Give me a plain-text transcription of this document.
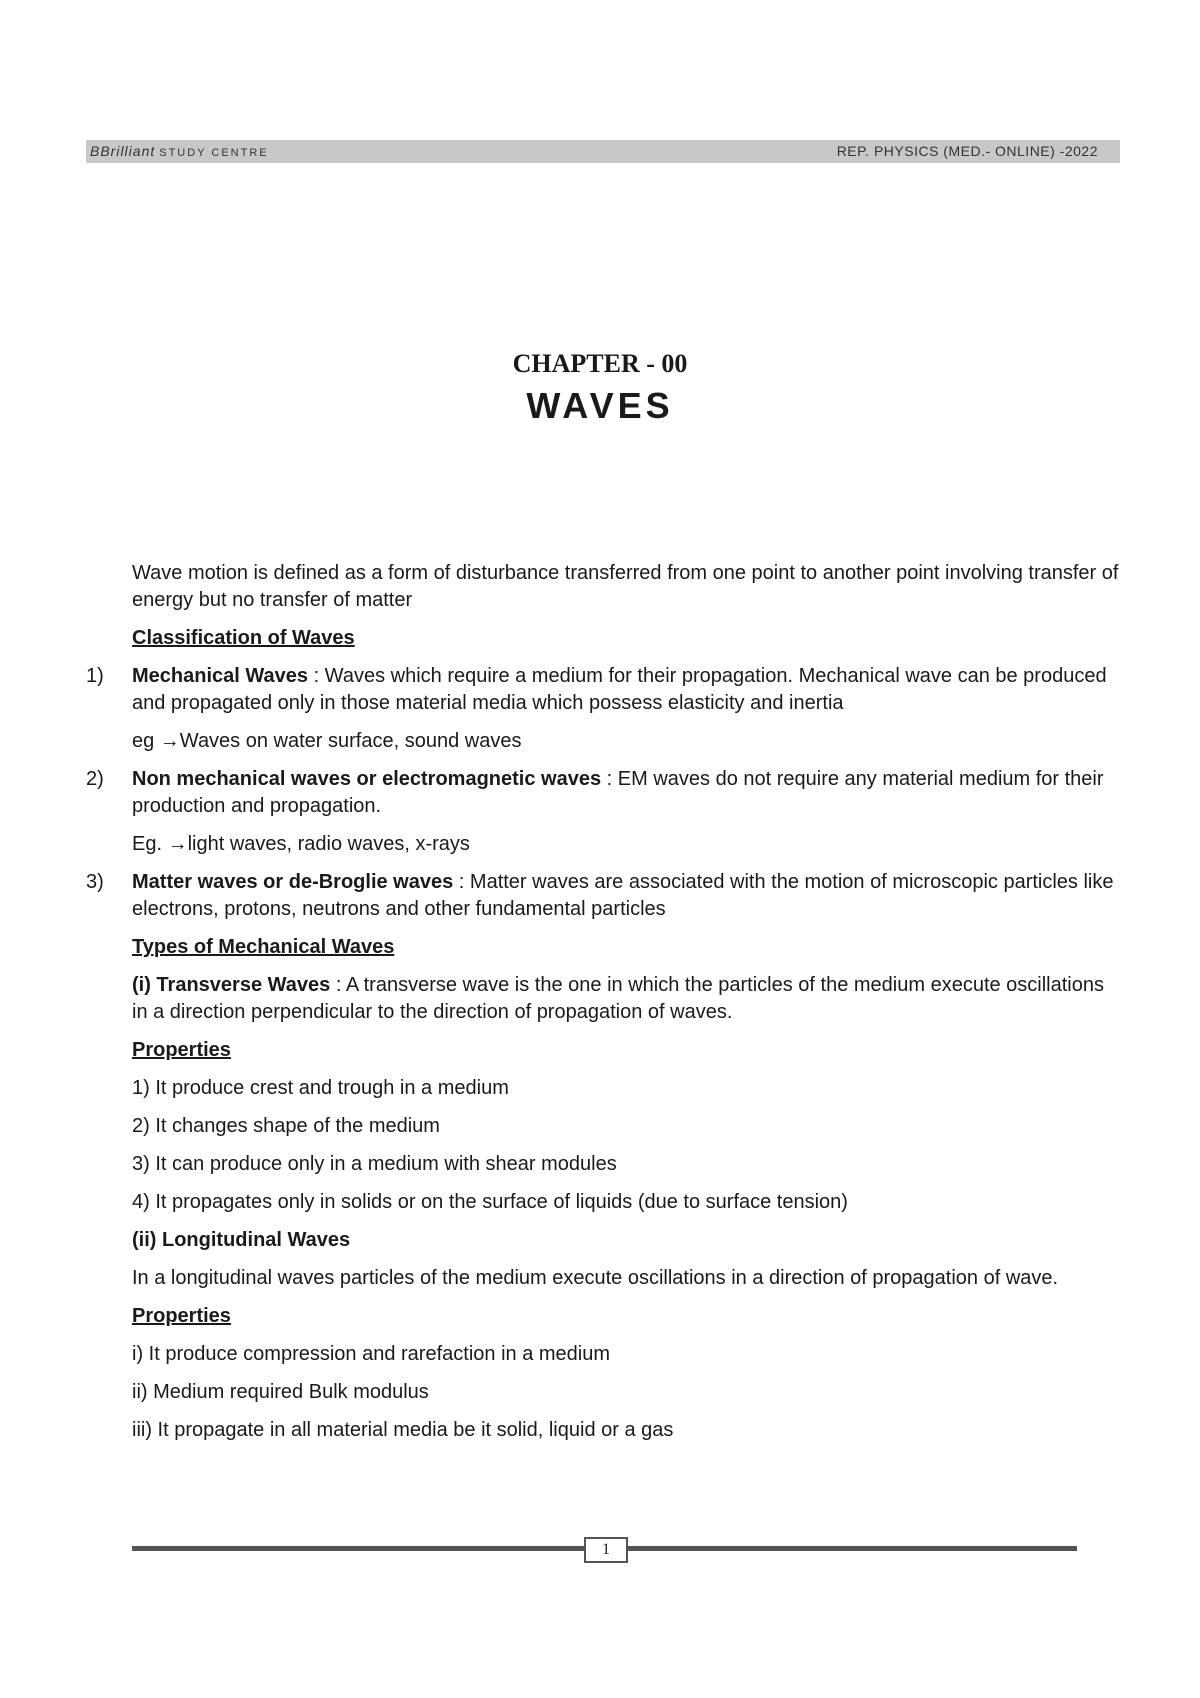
BBrilliant STUDY CENTRE	REP. PHYSICS (MED.- ONLINE) -2022
CHAPTER - 00
WAVES
Wave motion is defined as a form of disturbance transferred from one point to another point involving transfer of energy but no transfer of matter
Classification of Waves
1)	Mechanical Waves : Waves which require a medium for their propagation. Mechanical wave can be produced and propagated only in those material media which possess elasticity and inertia
eg →Waves on water surface, sound waves
2)	Non mechanical waves or electromagnetic waves : EM waves do not require any material medium for their production and propagation.
Eg. →light waves, radio waves, x-rays
3)	Matter waves or de-Broglie waves : Matter waves are associated with the motion of microscopic particles like electrons, protons, neutrons and other fundamental particles
Types of Mechanical Waves
(i) Transverse Waves : A transverse wave is the one in which the particles of the medium execute oscillations in a direction perpendicular to the direction of propagation of waves.
Properties
1) It produce crest and trough in a medium
2) It changes shape of the medium
3) It can produce only in a medium with shear modules
4) It propagates only in solids or on the surface of liquids (due to surface tension)
(ii) Longitudinal Waves
In a longitudinal waves particles of the medium execute oscillations in a direction of propagation of wave.
Properties
i) It produce compression and rarefaction in a medium
ii) Medium required Bulk modulus
iii) It propagate in all material media be it solid, liquid or a gas
1
